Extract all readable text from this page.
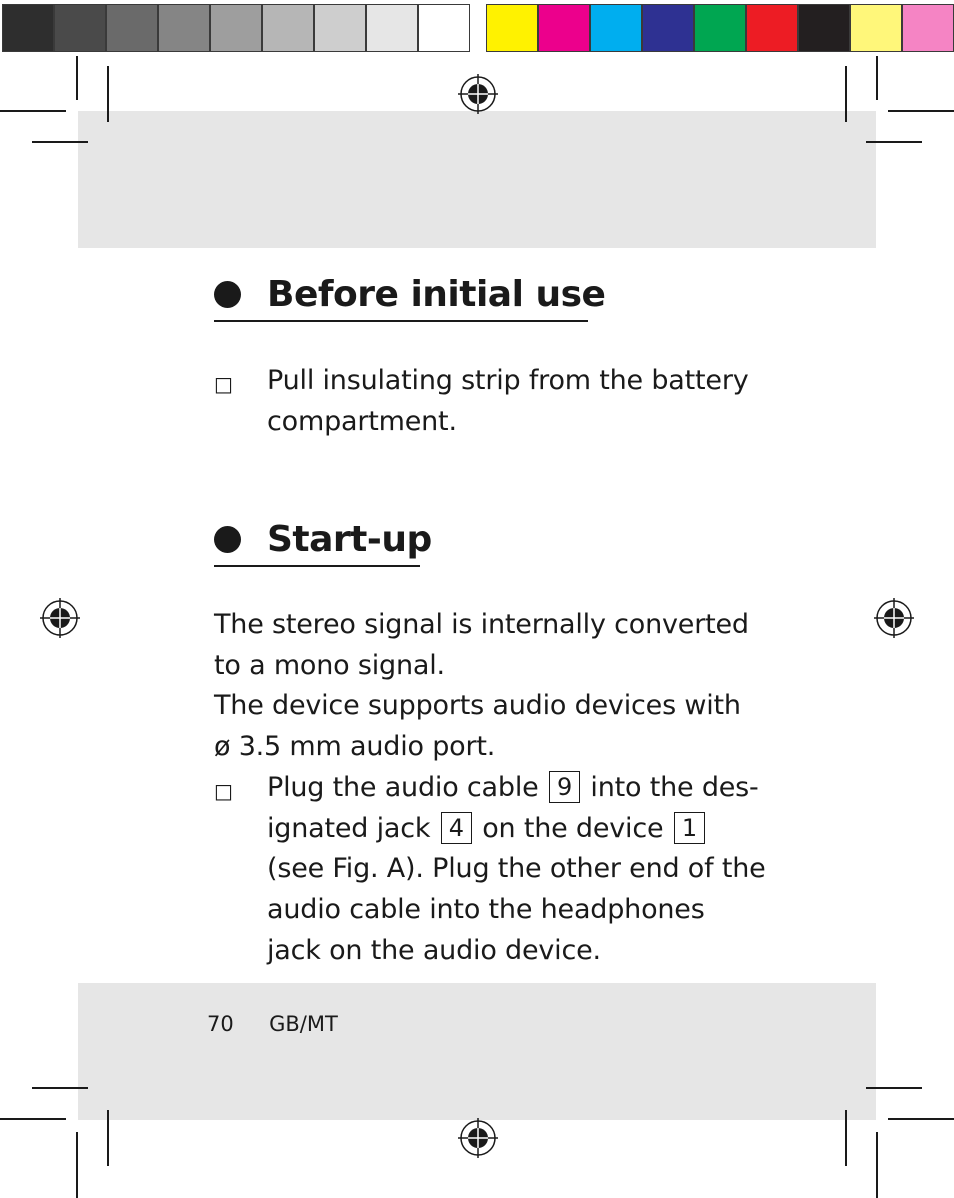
Before initial use
□ Pull insulating strip from the battery
compartment.
Start-up
The stereo signal is internally converted
to a mono signal.
The device supports audio devices with
ø 3.5 mm audio port.
□ Plug the audio cable 9 into the des-
ignated jack 4 on the device 1
(see Fig. A). Plug the other end of the
audio cable into the headphones
jack on the audio device.
70 GB/MT
